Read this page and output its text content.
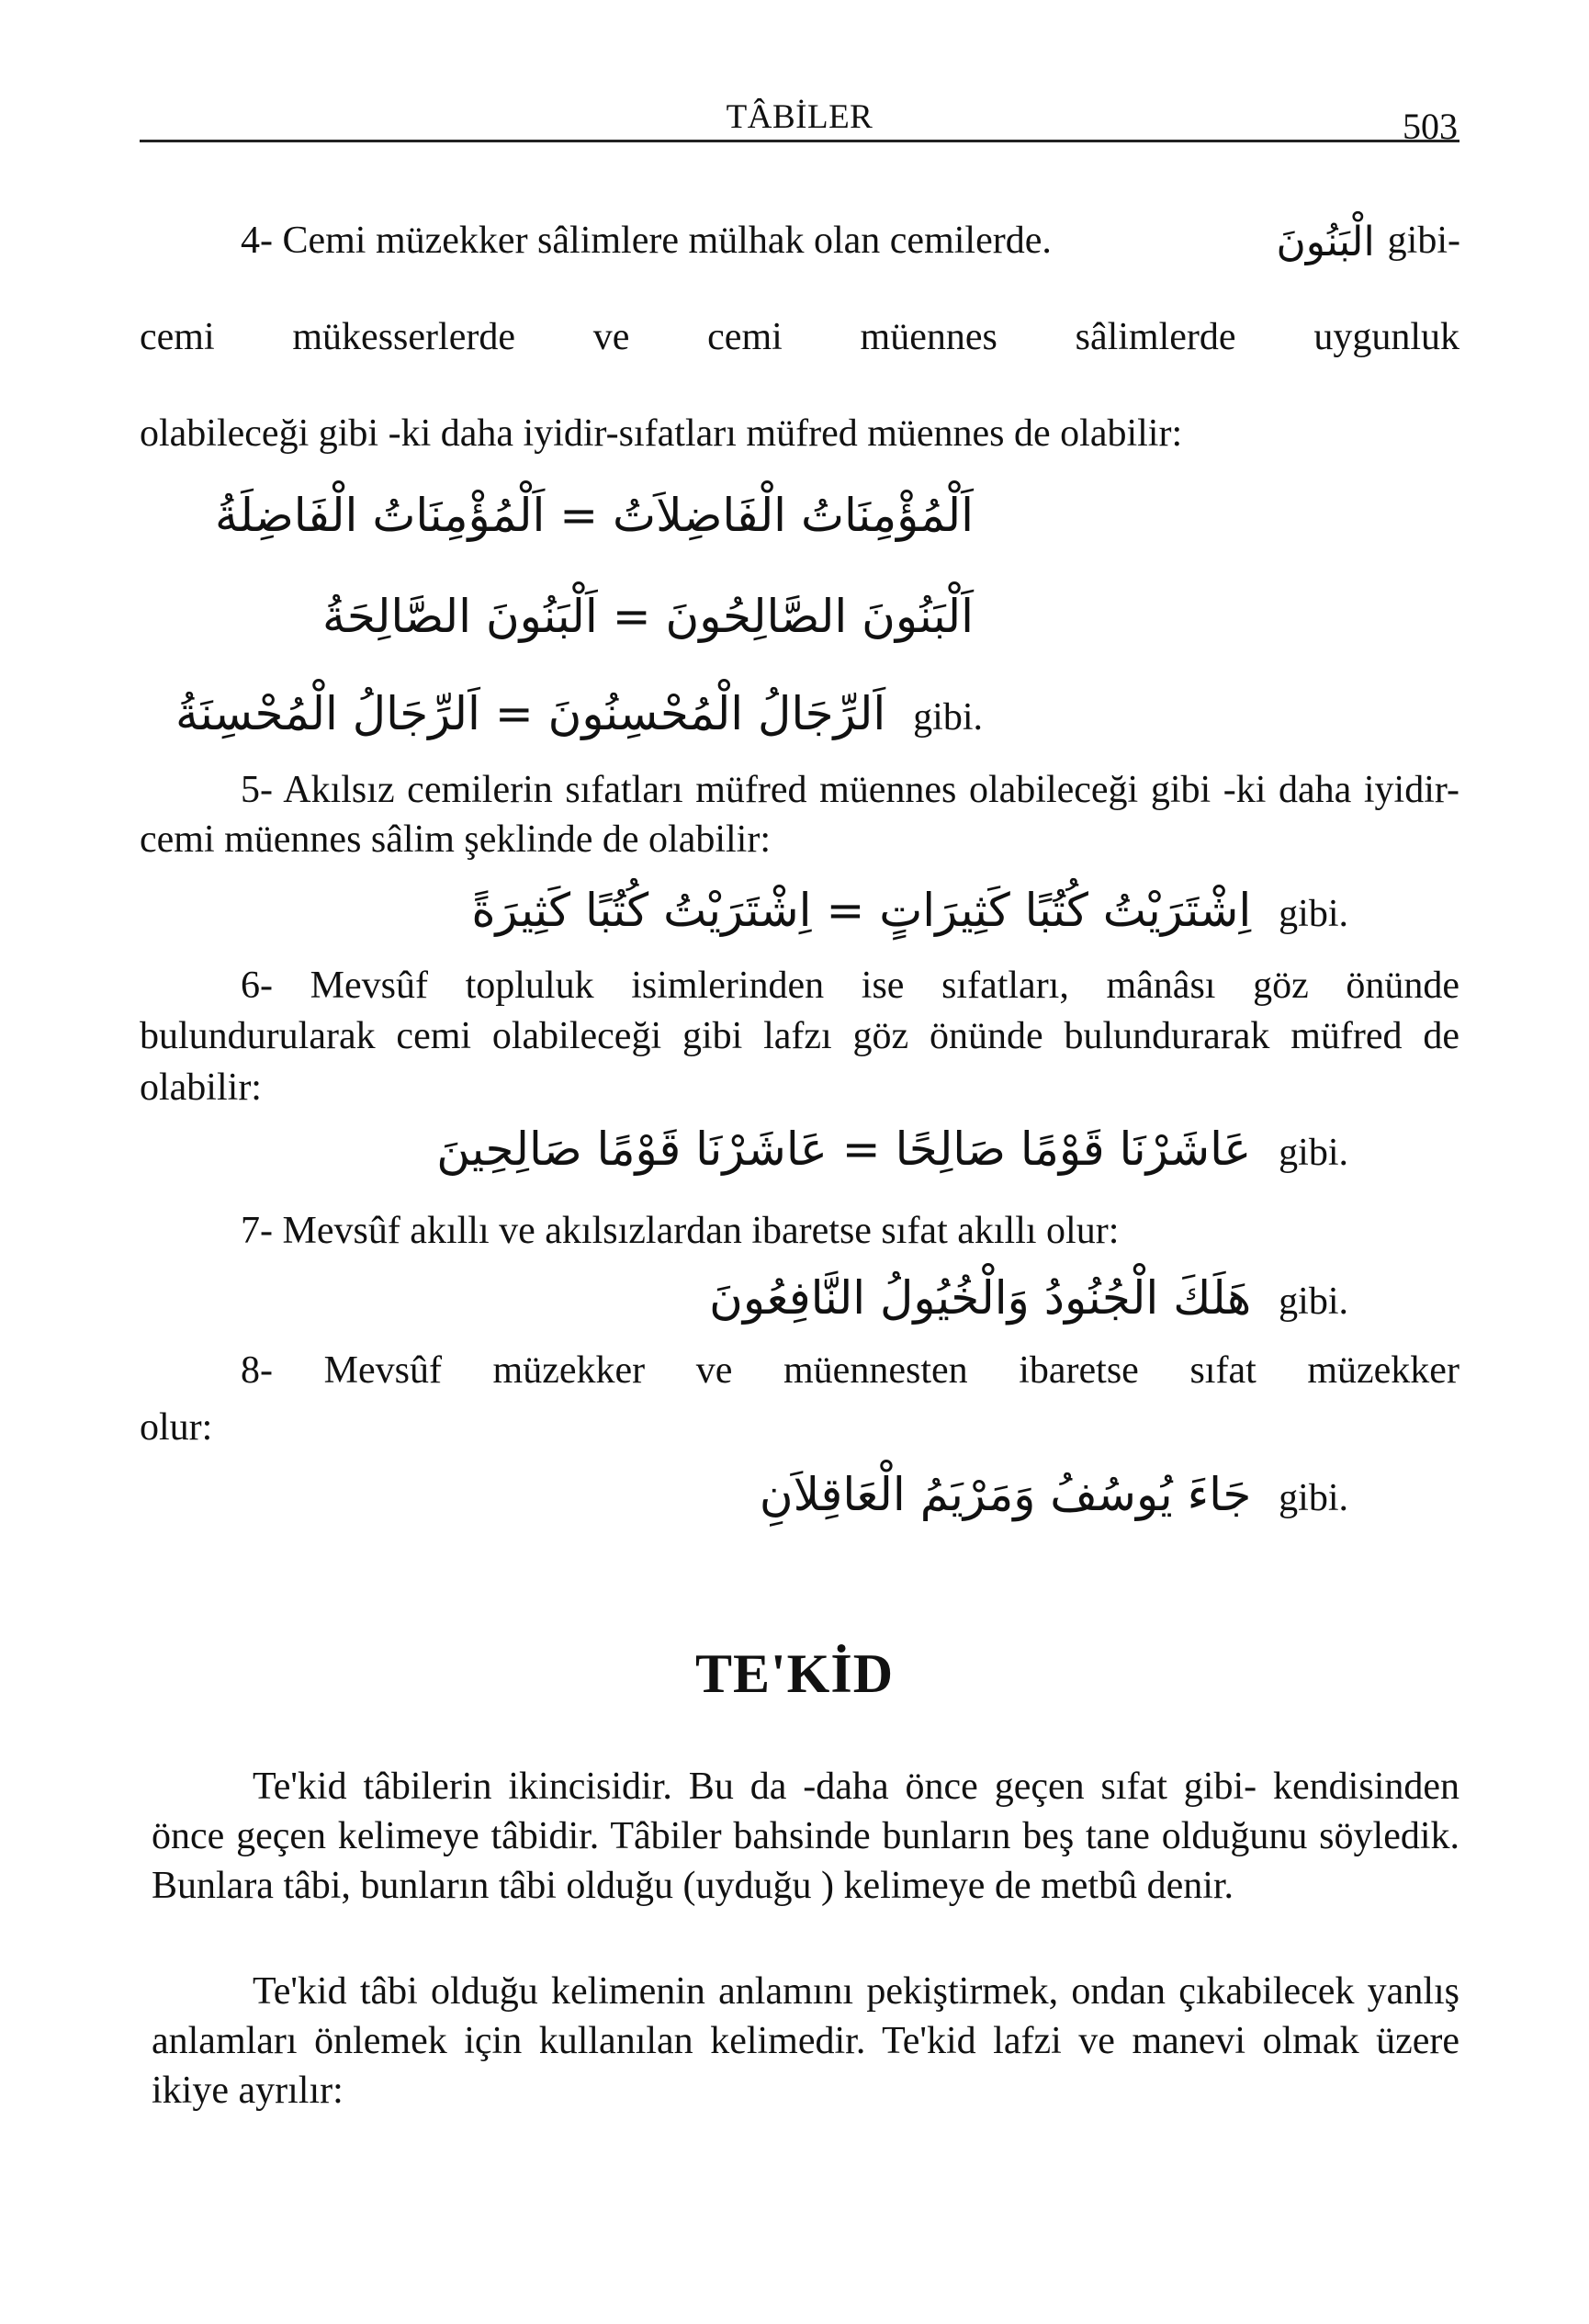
TÂBİLER	503
4- Cemi müzekker sâlimlere mülhak olan cemilerde.	الْبَنُونَ gibi-
cemi mükesserlerde ve cemi müennes sâlimlerde uygunluk
olabileceği gibi -ki daha iyidir-sıfatları müfred müennes de olabilir:
اَلْمُؤْمِنَاتُ الْفَاضِلاَتُ = اَلْمُؤْمِنَاتُ الْفَاضِلَةُ
اَلْبَنُونَ الصَّالِحُونَ = اَلْبَنُونَ الصَّالِحَةُ
اَلرِّجَالُ الْمُحْسِنُونَ = اَلرِّجَالُ الْمُحْسِنَةُ gibi.

5- Akılsız cemilerin sıfatları müfred müennes olabileceği gibi -ki daha iyidir- cemi müennes sâlim şeklinde de olabilir:

اِشْتَرَيْتُ كُتُبًا كَثِيرَاتٍ = اِشْتَرَيْتُ كُتُبًا كَثِيرَةً gibi.

6- Mevsûf topluluk isimlerinden ise sıfatları, mânâsı göz önünde bulundurularak cemi olabileceği gibi lafzı göz önünde bulundurarak müfred de olabilir:

عَاشَرْنَا قَوْمًا صَالِحًا = عَاشَرْنَا قَوْمًا صَالِحِينَ gibi.
7- Mevsûf akıllı ve akılsızlardan ibaretse sıfat akıllı olur:
هَلَكَ الْجُنُودُ وَالْخُيُولُ النَّافِعُونَ gibi.
8- Mevsûf müzekker ve müennesten ibaretse sıfat müzekker
olur:
جَاءَ يُوسُفُ وَمَرْيَمُ الْعَاقِلاَنِ gibi.
TE'KİD

Te'kid tâbilerin ikincisidir. Bu da -daha önce geçen sıfat gibi- kendisinden önce geçen kelimeye tâbidir. Tâbiler bahsinde bunların beş tane olduğunu söyledik. Bunlara tâbi, bunların tâbi olduğu (uyduğu ) kelimeye de metbû denir.

Te'kid tâbi olduğu kelimenin anlamını pekiştirmek, ondan çıkabilecek yanlış anlamları önlemek için kullanılan kelimedir. Te'kid lafzi ve manevi olmak üzere ikiye ayrılır:
